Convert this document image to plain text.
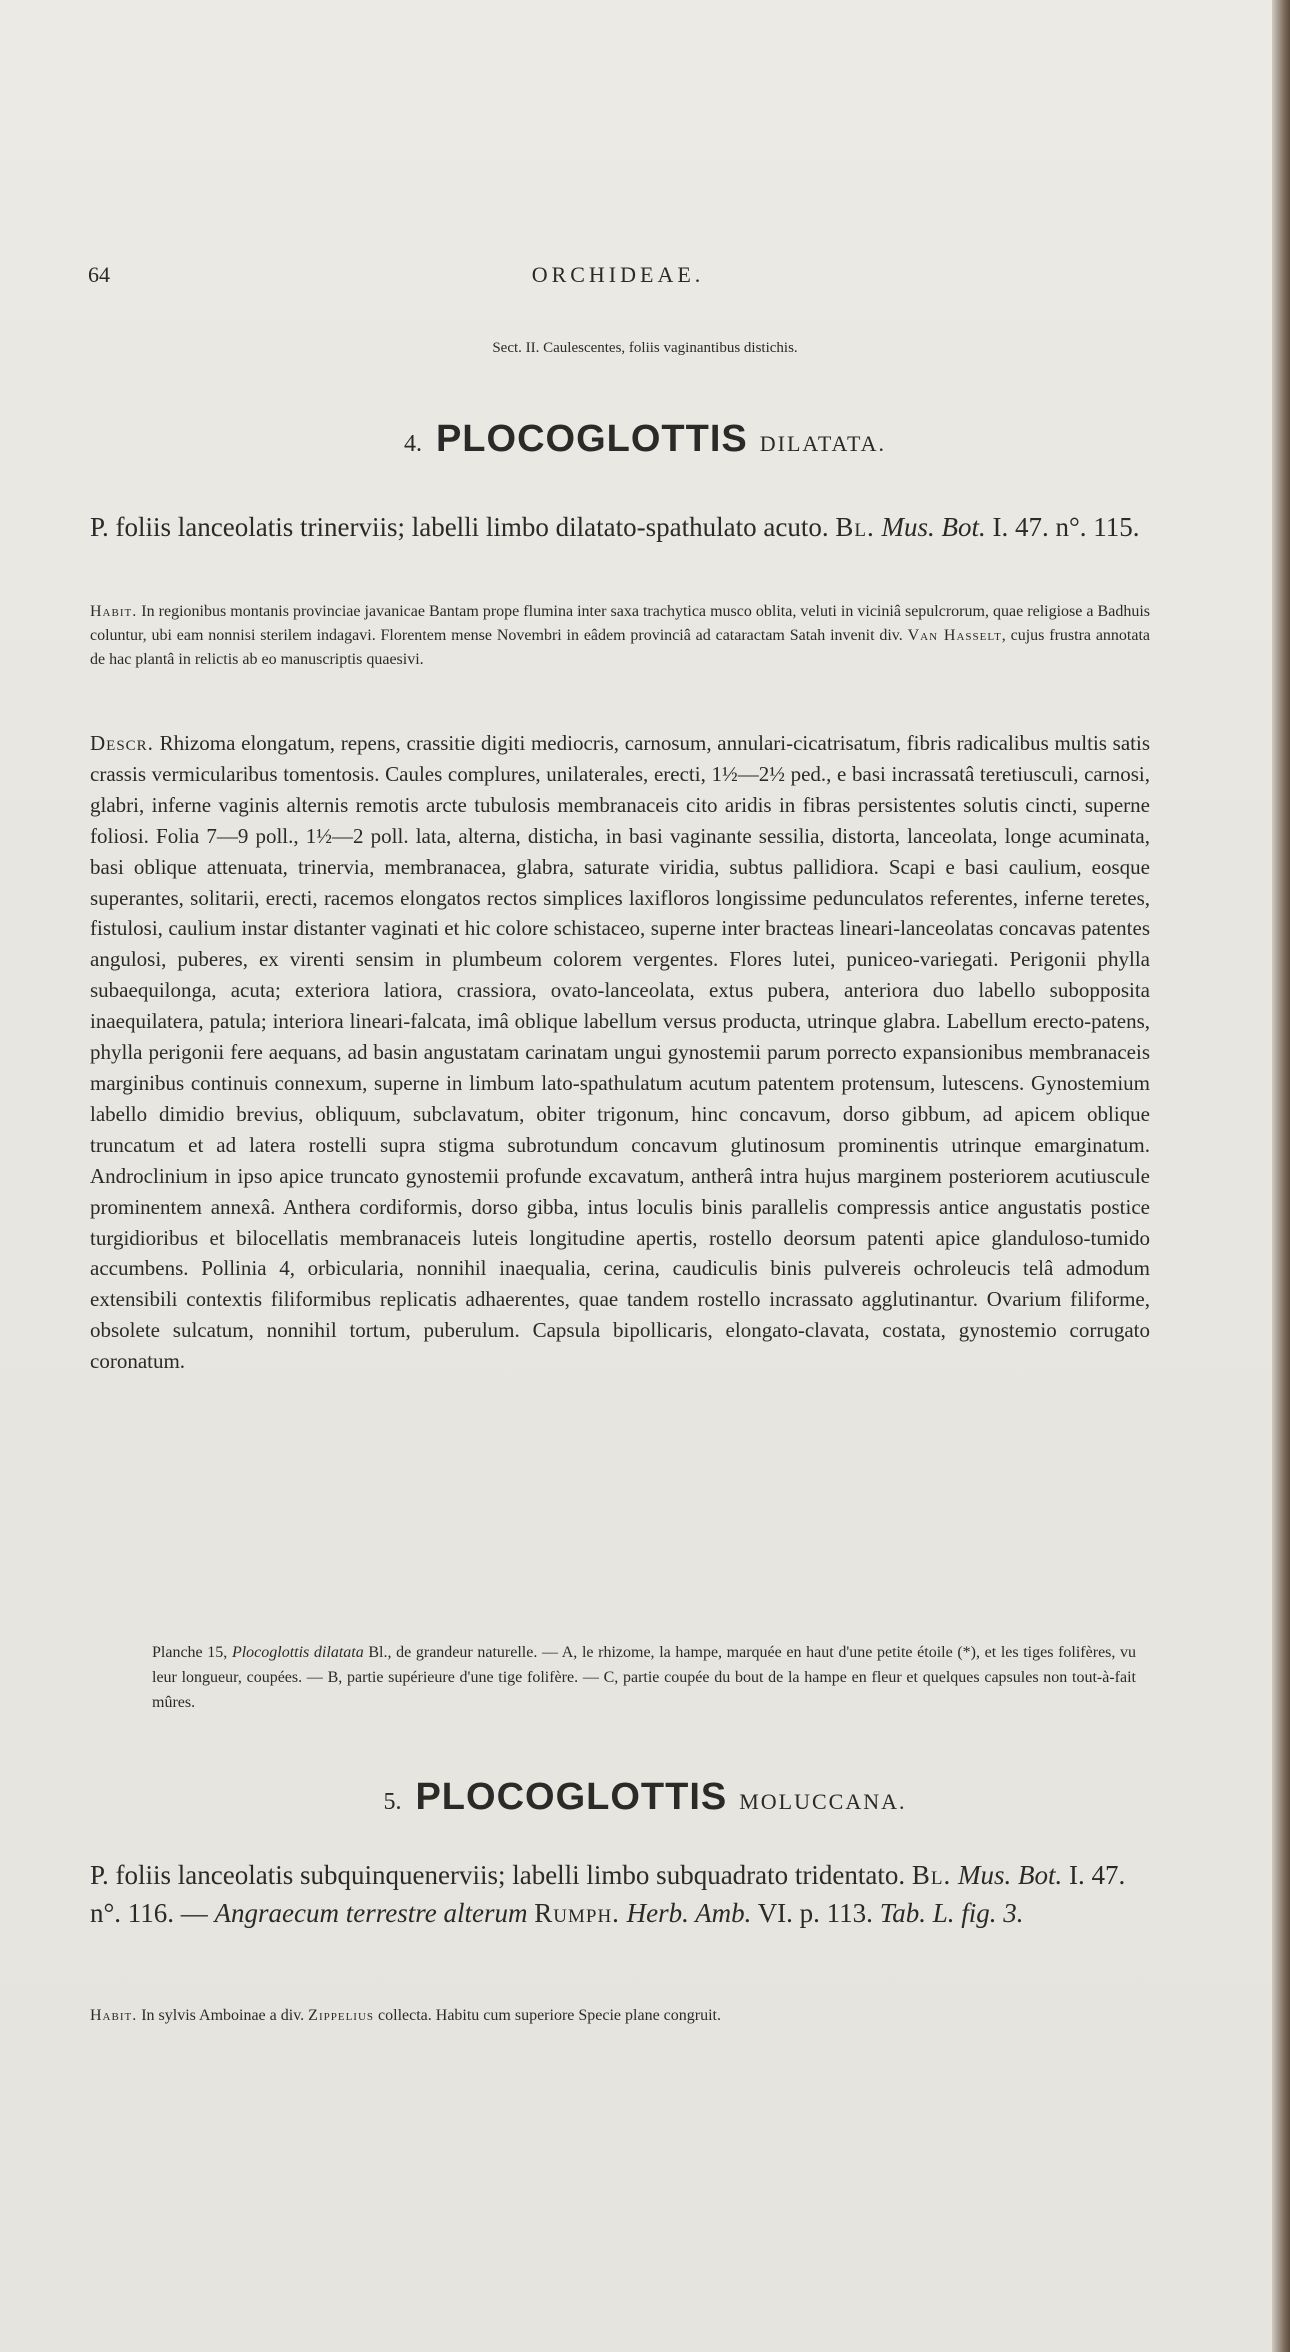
64	ORCHIDEAE.
Sect. II. Caulescentes, foliis vaginantibus distichis.
4. PLOCOGLOTTIS DILATATA.
P. foliis lanceolatis trinerviis; labelli limbo dilatato-spathulato acuto. Bl. Mus. Bot. I. 47. n°. 115.
Habit. In regionibus montanis provinciae javanicae Bantam prope flumina inter saxa trachytica musco oblita, veluti in viciniâ sepulcrorum, quae religiose a Badhuis coluntur, ubi eam nonnisi sterilem indagavi. Florentem mense Novembri in eâdem provinciâ ad cataractam Satah invenit div. Van Hasselt, cujus frustra annotata de hac plantâ in relictis ab eo manuscriptis quaesivi.
Descr. Rhizoma elongatum, repens, crassitie digiti mediocris, carnosum, annulari-cicatrisatum, fibris radicalibus multis satis crassis vermicularibus tomentosis. Caules complures, unilaterales, erecti, 1½—2½ ped., e basi incrassatâ teretiusculi, carnosi, glabri, inferne vaginis alternis remotis arcte tubulosis membranaceis cito aridis in fibras persistentes solutis cincti, superne foliosi. Folia 7—9 poll., 1½—2 poll. lata, alterna, disticha, in basi vaginante sessilia, distorta, lanceolata, longe acuminata, basi oblique attenuata, trinervia, membranacea, glabra, saturate viridia, subtus pallidiora. Scapi e basi caulium, eosque superantes, solitarii, erecti, racemos elongatos rectos simplices laxifloros longissime pedunculatos referentes, inferne teretes, fistulosi, caulium instar distanter vaginati et hic colore schistaceo, superne inter bracteas lineari-lanceolatas concavas patentes angulosi, puberes, ex virenti sensim in plumbeum colorem vergentes. Flores lutei, puniceo-variegati. Perigonii phylla subaequilonga, acuta; exteriora latiora, crassiora, ovato-lanceolata, extus pubera, anteriora duo labello subopposita inaequilatera, patula; interiora lineari-falcata, imâ oblique labellum versus producta, utrinque glabra. Labellum erecto-patens, phylla perigonii fere aequans, ad basin angustatam carinatam ungui gynostemii parum porrecto expansionibus membranaceis marginibus continuis connexum, superne in limbum lato-spathulatum acutum patentem protensum, lutescens. Gynostemium labello dimidio brevius, obliquum, subclavatum, obiter trigonum, hinc concavum, dorso gibbum, ad apicem oblique truncatum et ad latera rostelli supra stigma subrotundum concavum glutinosum prominentis utrinque emarginatum. Androclinium in ipso apice truncato gynostemii profunde excavatum, antherâ intra hujus marginem posteriorem acutiuscule prominentem annexâ. Anthera cordiformis, dorso gibba, intus loculis binis parallelis compressis antice angustatis postice turgidioribus et bilocellatis membranaceis luteis longitudine apertis, rostello deorsum patenti apice glanduloso-tumido accumbens. Pollinia 4, orbicularia, nonnihil inaequalia, cerina, caudiculis binis pulvereis ochroleucis telâ admodum extensibili contextis filiformibus replicatis adhaerentes, quae tandem rostello incrassato agglutinantur. Ovarium filiforme, obsolete sulcatum, nonnihil tortum, puberulum. Capsula bipollicaris, elongato-clavata, costata, gynostemio corrugato coronatum.
Planche 15, Plocoglottis dilatata Bl., de grandeur naturelle. — A, le rhizome, la hampe, marquée en haut d'une petite étoile (*), et les tiges folifères, vu leur longueur, coupées. — B, partie supérieure d'une tige folifère. — C, partie coupée du bout de la hampe en fleur et quelques capsules non tout-à-fait mûres.
5. PLOCOGLOTTIS MOLUCCANA.
P. foliis lanceolatis subquinquenerviis; labelli limbo subquadrato tridentato. Bl. Mus. Bot. I. 47. n°. 116. — Angraecum terrestre alterum Rumph. Herb. Amb. VI. p. 113. Tab. L. fig. 3.
Habit. In sylvis Amboinae a div. Zippelius collecta. Habitu cum superiore Specie plane congruit.
